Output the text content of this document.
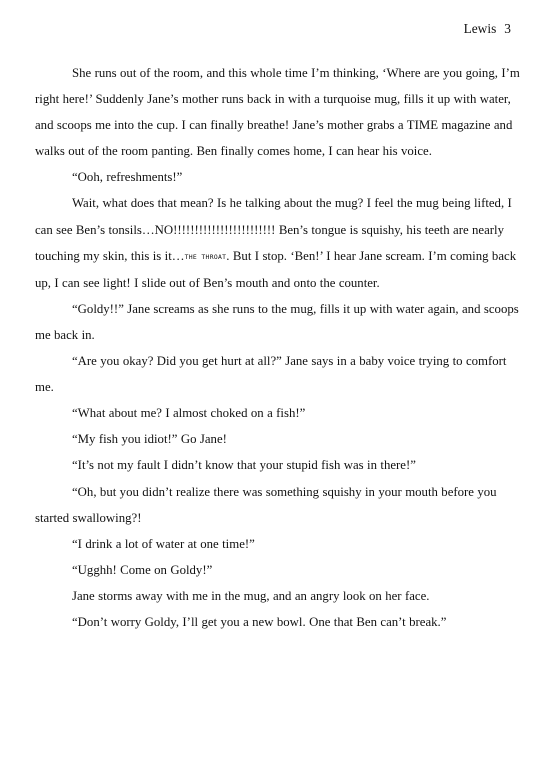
Lewis 3

She runs out of the room, and this whole time I’m thinking, ‘Where are you going, I’m right here!’ Suddenly Jane’s mother runs back in with a turquoise mug, fills it up with water, and scoops me into the cup. I can finally breathe! Jane’s mother grabs a TIME magazine and walks out of the room panting. Ben finally comes home, I can hear his voice.

“Ooh, refreshments!”

Wait, what does that mean? Is he talking about the mug? I feel the mug being lifted, I can see Ben’s tonsils…NO!!!!!!!!!!!!!!!!!!!!!!!! Ben’s tongue is squishy, his teeth are nearly touching my skin, this is it…THE THROAT. But I stop. ‘Ben!’ I hear Jane scream. I’m coming back up, I can see light! I slide out of Ben’s mouth and onto the counter.

“Goldy!!” Jane screams as she runs to the mug, fills it up with water again, and scoops me back in.

“Are you okay? Did you get hurt at all?” Jane says in a baby voice trying to comfort me.

“What about me? I almost choked on a fish!”

“My fish you idiot!” Go Jane!

“It’s not my fault I didn’t know that your stupid fish was in there!”

“Oh, but you didn’t realize there was something squishy in your mouth before you started swallowing?!

“I drink a lot of water at one time!”

“Ugghh! Come on Goldy!”

Jane storms away with me in the mug, and an angry look on her face.

“Don’t worry Goldy, I’ll get you a new bowl. One that Ben can’t break.”
